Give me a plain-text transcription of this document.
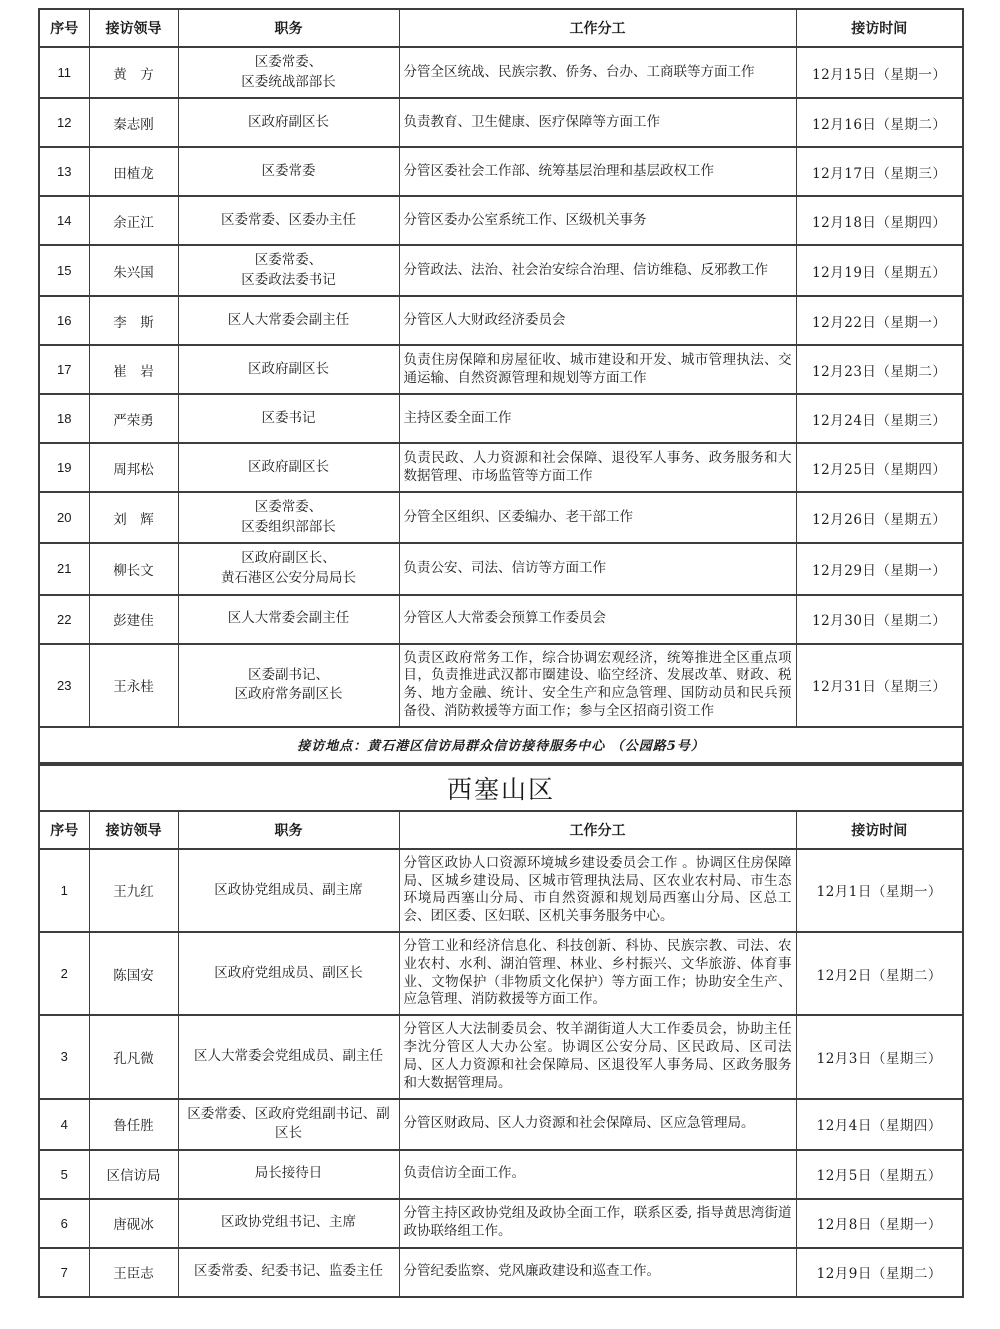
序号	接访领导	职务	工作分工	接访时间
11	黄　方	区委常委、
区委统战部部长	分管全区统战、民族宗教、侨务、台办、工商联等方面工作	12月15日（星期一）
12	秦志刚	区政府副区长	负责教育、卫生健康、医疗保障等方面工作	12月16日（星期二）
13	田植龙	区委常委	分管区委社会工作部、统筹基层治理和基层政权工作	12月17日（星期三）
14	余正江	区委常委、区委办主任	分管区委办公室系统工作、区级机关事务	12月18日（星期四）
15	朱兴国	区委常委、
区委政法委书记	分管政法、法治、社会治安综合治理、信访维稳、反邪教工作	12月19日（星期五）
16	李　斯	区人大常委会副主任	分管区人大财政经济委员会	12月22日（星期一）
17	崔　岩	区政府副区长	负责住房保障和房屋征收、城市建设和开发、城市管理执法、交通运输、自然资源管理和规划等方面工作	12月23日（星期二）
18	严荣勇	区委书记	主持区委全面工作	12月24日（星期三）
19	周邦松	区政府副区长	负责民政、人力资源和社会保障、退役军人事务、政务服务和大数据管理、市场监管等方面工作	12月25日（星期四）
20	刘　辉	区委常委、
区委组织部部长	分管全区组织、区委编办、老干部工作	12月26日（星期五）
21	柳长文	区政府副区长、
黄石港区公安分局局长	负责公安、司法、信访等方面工作	12月29日（星期一）
22	彭建佳	区人大常委会副主任	分管区人大常委会预算工作委员会	12月30日（星期二）
23	王永桂	区委副书记、
区政府常务副区长	负责区政府常务工作，综合协调宏观经济，统筹推进全区重点项目，负责推进武汉都市圈建设、临空经济、发展改革、财政、税务、地方金融、统计、安全生产和应急管理、国防动员和民兵预备役、消防救援等方面工作；参与全区招商引资工作	12月31日（星期三）
接访地点：黄石港区信访局群众信访接待服务中心 （公园路5号）				
西塞山区				
序号	接访领导	职务	工作分工	接访时间
1	王九红	区政协党组成员、副主席	分管区政协人口资源环境城乡建设委员会工作 。协调区住房保障局、区城乡建设局、区城市管理执法局、区农业农村局、市生态环境局西塞山分局、市自然资源和规划局西塞山分局、区总工会、团区委、区妇联、区机关事务服务中心。	12月1日（星期一）
2	陈国安	区政府党组成员、副区长	分管工业和经济信息化、科技创新、科协、民族宗教、司法、农业农村、水利、湖泊管理、林业、乡村振兴、文华旅游、体育事业、文物保护（非物质文化保护）等方面工作；协助安全生产、应急管理、消防救援等方面工作。	12月2日（星期二）
3	孔凡微	区人大常委会党组成员、副主任	分管区人大法制委员会、牧羊湖街道人大工作委员会，协助主任李沈分管区人大办公室。协调区公安分局、区民政局、区司法局、区人力资源和社会保障局、区退役军人事务局、区政务服务和大数据管理局。	12月3日（星期三）
4	鲁任胜	区委常委、区政府党组副书记、副区长	分管区财政局、区人力资源和社会保障局、区应急管理局。	12月4日（星期四）
5	区信访局	局长接待日	负责信访全面工作。	12月5日（星期五）
6	唐砚冰	区政协党组书记、主席	分管主持区政协党组及政协全面工作，联系区委, 指导黄思湾街道政协联络组工作。	12月8日（星期一）
7	王臣志	区委常委、纪委书记、监委主任	分管纪委监察、党风廉政建设和巡查工作。	12月9日（星期二）
